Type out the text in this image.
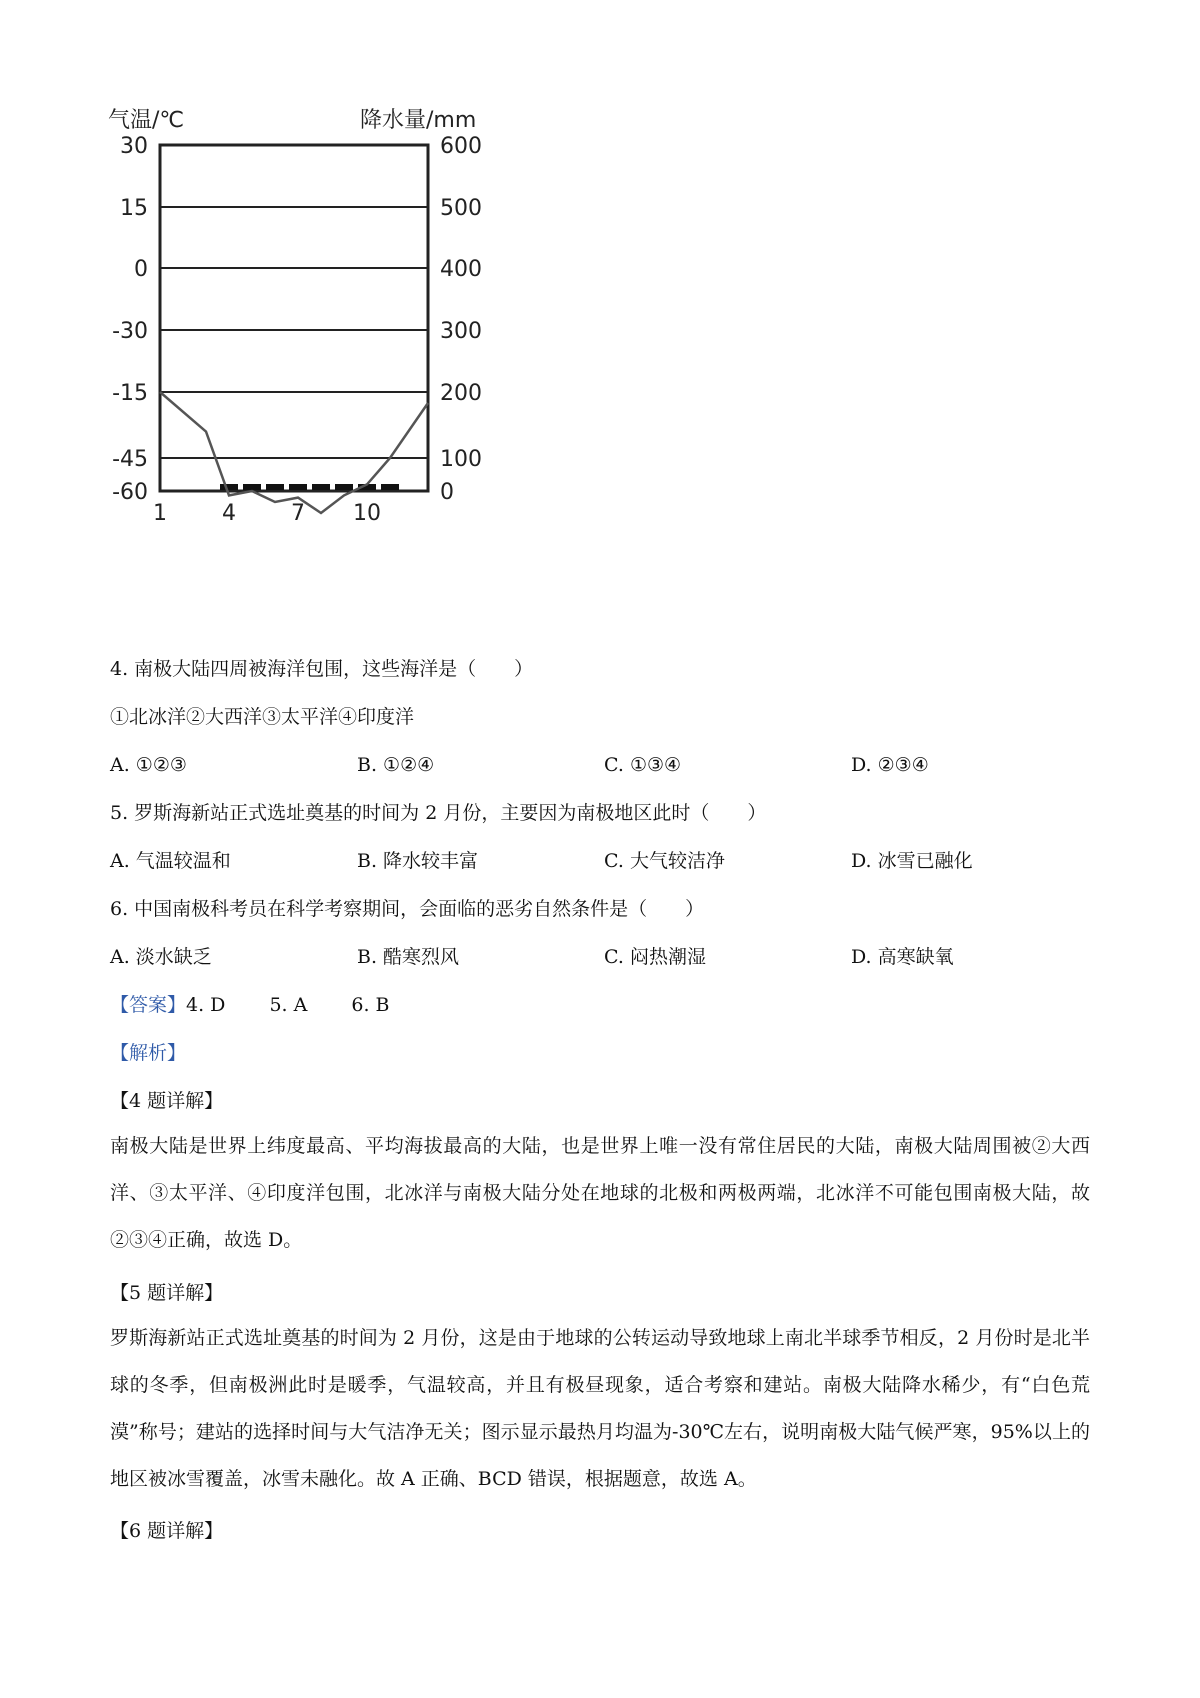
气温/℃	降水量/mm
30
15
0
-30
-15
-45
-60
600
500
400
300
200
100
0
1	4	7 10
4. 南极大陆四周被海洋包围，这些海洋是（　　）
①北冰洋②大西洋③太平洋④印度洋
A. ①②③	B. ①②④	C. ①③④	D. ②③④
5. 罗斯海新站正式选址奠基的时间为 2 月份，主要因为南极地区此时（　　）
A. 气温较温和	B. 降水较丰富	C. 大气较洁净	D. 冰雪已融化
6. 中国南极科考员在科学考察期间，会面临的恶劣自然条件是（　　）
A. 淡水缺乏	B. 酷寒烈风	C. 闷热潮湿	D. 高寒缺氧
【答案】4. D　　 5. A　　 6. B
【解析】
【4 题详解】
南极大陆是世界上纬度最高、平均海拔最高的大陆，也是世界上唯一没有常住居民的大陆，南极大陆周围被②大西洋、③太平洋、④印度洋包围，北冰洋与南极大陆分处在地球的北极和两极两端，北冰洋不可能包围南极大陆，故②③④正确，故选 D。
【5 题详解】
罗斯海新站正式选址奠基的时间为 2 月份，这是由于地球的公转运动导致地球上南北半球季节相反，2 月份时是北半球的冬季，但南极洲此时是暖季，气温较高，并且有极昼现象，适合考察和建站。南极大陆降水稀少，有“白色荒漠”称号；建站的选择时间与大气洁净无关；图示显示最热月均温为-30℃左右，说明南极大陆气候严寒，95%以上的地区被冰雪覆盖，冰雪未融化。故 A 正确、BCD 错误，根据题意，故选 A。
【6 题详解】
